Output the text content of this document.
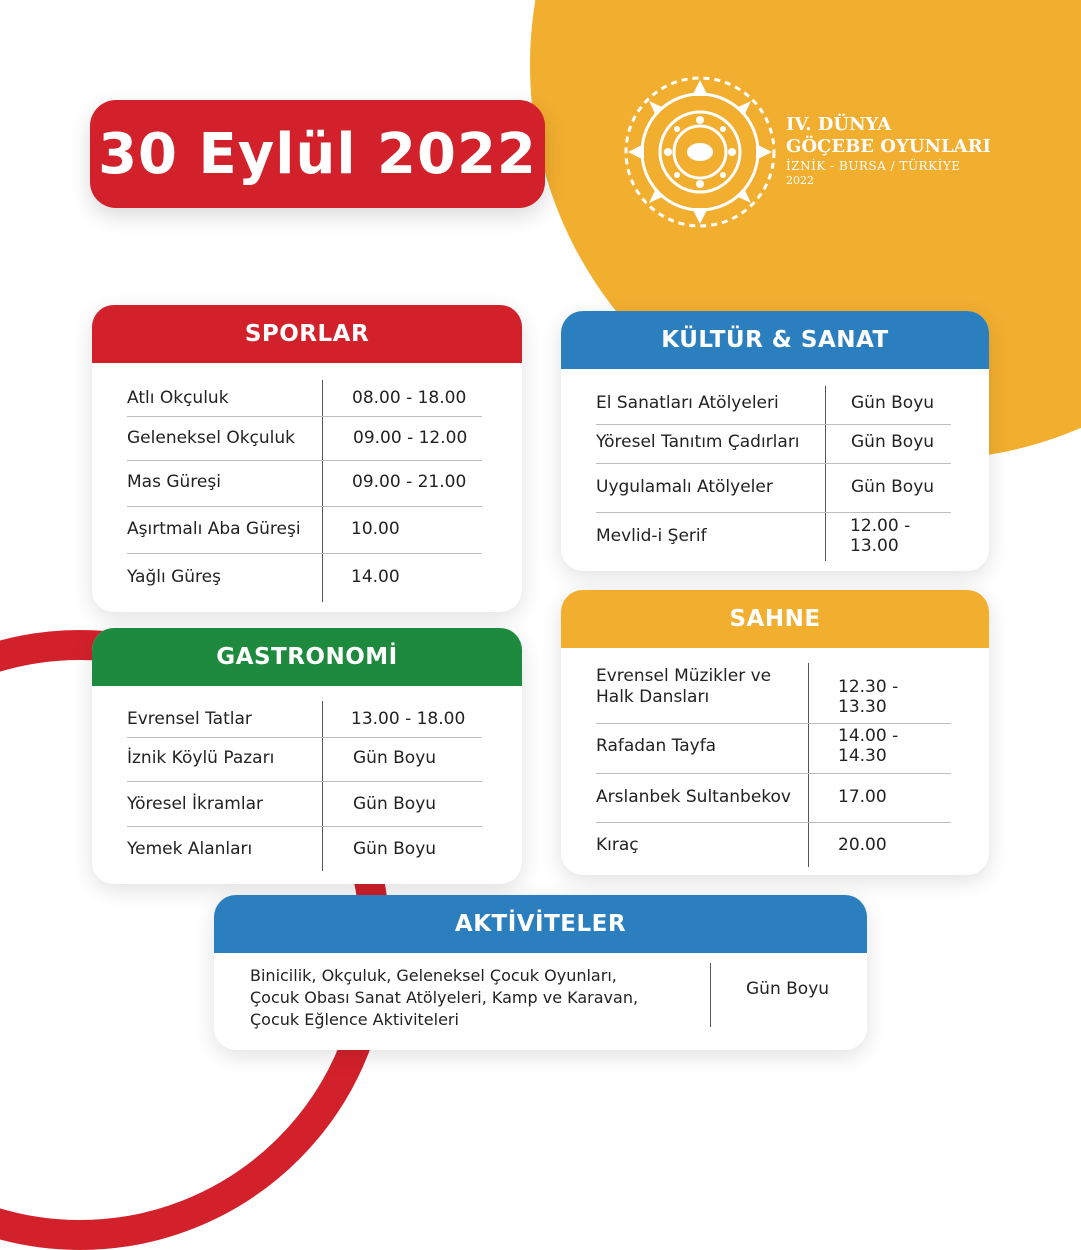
30 Eylül 2022	IV. DÜNYA
GÖÇEBE OYUNLARI
İZNİK - BURSA / TÜRKİYE
2022
SPORLAR
Atlı Okçuluk	08.00 - 18.00
Geleneksel Okçuluk	09.00 - 12.00
Mas Güreşi	09.00 - 21.00
Aşırtmalı Aba Güreşi	10.00
Yağlı Güreş	14.00
KÜLTÜR & SANAT
El Sanatları Atölyeleri	Gün Boyu
Yöresel Tanıtım Çadırları	Gün Boyu
Uygulamalı Atölyeler	Gün Boyu
Mevlid-i Şerif	12.00 - 13.00
GASTRONOMİ
Evrensel Tatlar	13.00 - 18.00
İznik Köylü Pazarı	Gün Boyu
Yöresel İkramlar	Gün Boyu
Yemek Alanları	Gün Boyu
SAHNE
Evrensel Müzikler ve
Halk Dansları	12.30 - 13.30
Rafadan Tayfa	14.00 - 14.30
Arslanbek Sultanbekov	17.00
Kıraç	20.00
AKTİVİTELER
Binicilik, Okçuluk, Geleneksel Çocuk Oyunları,
Çocuk Obası Sanat Atölyeleri, Kamp ve Karavan,
Çocuk Eğlence Aktiviteleri
Gün Boyu
